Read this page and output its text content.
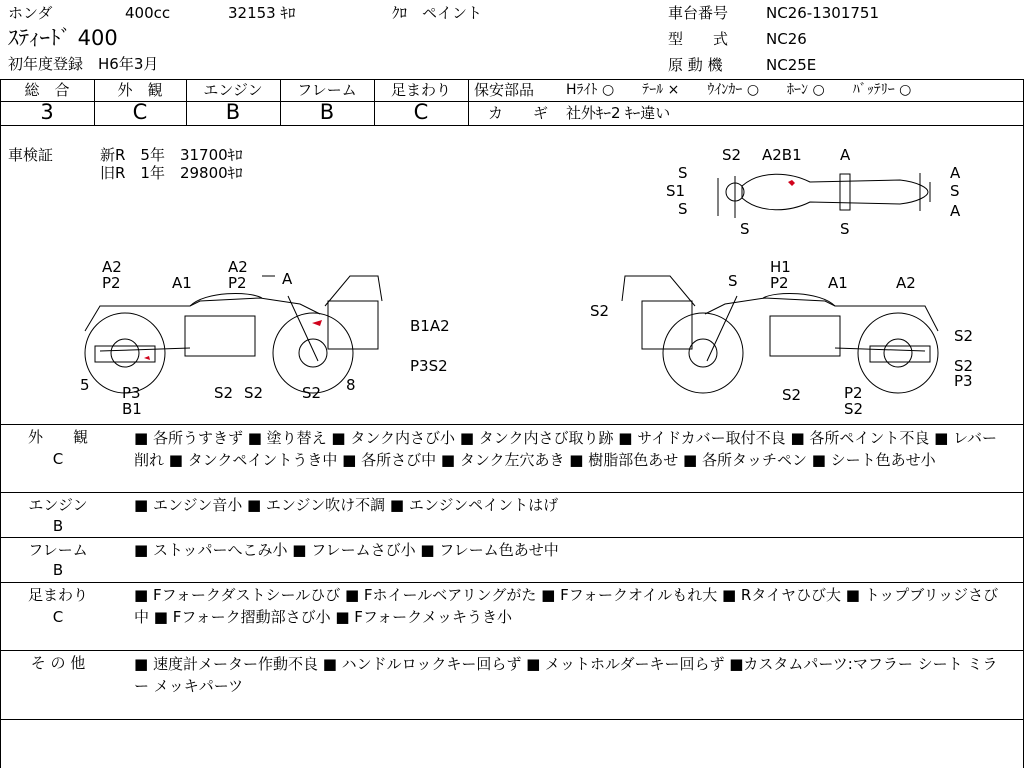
ホンダ	400cc	32153 ｷﾛ	ｸﾛ　ペイント
ｽﾃｨｰﾄﾞ 400
初年度登録　H6年3月
車台番号	NC26-1301751
型　　式	NC26
原 動 機	NC25E
総　合	外　観	エンジン	フレーム	足まわり
3	C	B	B	C
保安部品 Hﾗｲﾄ ○　　ﾃｰﾙ ×　　ｳｲﾝｶｰ ○　　ﾎｰﾝ ○　　ﾊﾞｯﾃﾘｰ ○
カ　　ギ 社外ｷｰ2 ｷｰ違い
車検証	新R　5年　31700ｷﾛ
旧R　1年　29800ｷﾛ
S2 A2B1	A
S
S1
S
S	S
A
S
A
A2
P2	A1
A2
P2 A
B1A2
P3S2
5 P3
B1
S2 S2	S2 8
S
H1
P2	A1	A2
S2
S2
S2
P3
S2	P2
S2
外　　観
C
■ 各所うすきず ■ 塗り替え ■ タンク内さび小 ■ タンク内さび取り跡 ■ サイドカバー取付不良 ■ 各所ペイント不良 ■ レバー削れ ■ タンクペイントうき中 ■ 各所さび中 ■ タンク左穴あき ■ 樹脂部色あせ ■ 各所タッチペン ■ シート色あせ小
エンジン
B
■ エンジン音小 ■ エンジン吹け不調 ■ エンジンペイントはげ
フレーム
B
■ ストッパーへこみ小 ■ フレームさび小 ■ フレーム色あせ中
足まわり
C
■ Fフォークダストシールひび ■ Fホイールベアリングがた ■ Fフォークオイルもれ大 ■ Rタイヤひび大 ■ トップブリッジさび中 ■ Fフォーク摺動部さび小 ■ Fフォークメッキうき小
そ の 他	■ 速度計メーター作動不良 ■ ハンドルロックキー回らず ■ メットホルダーキー回らず ■カスタムパーツ:マフラー シート ミラー メッキパーツ
